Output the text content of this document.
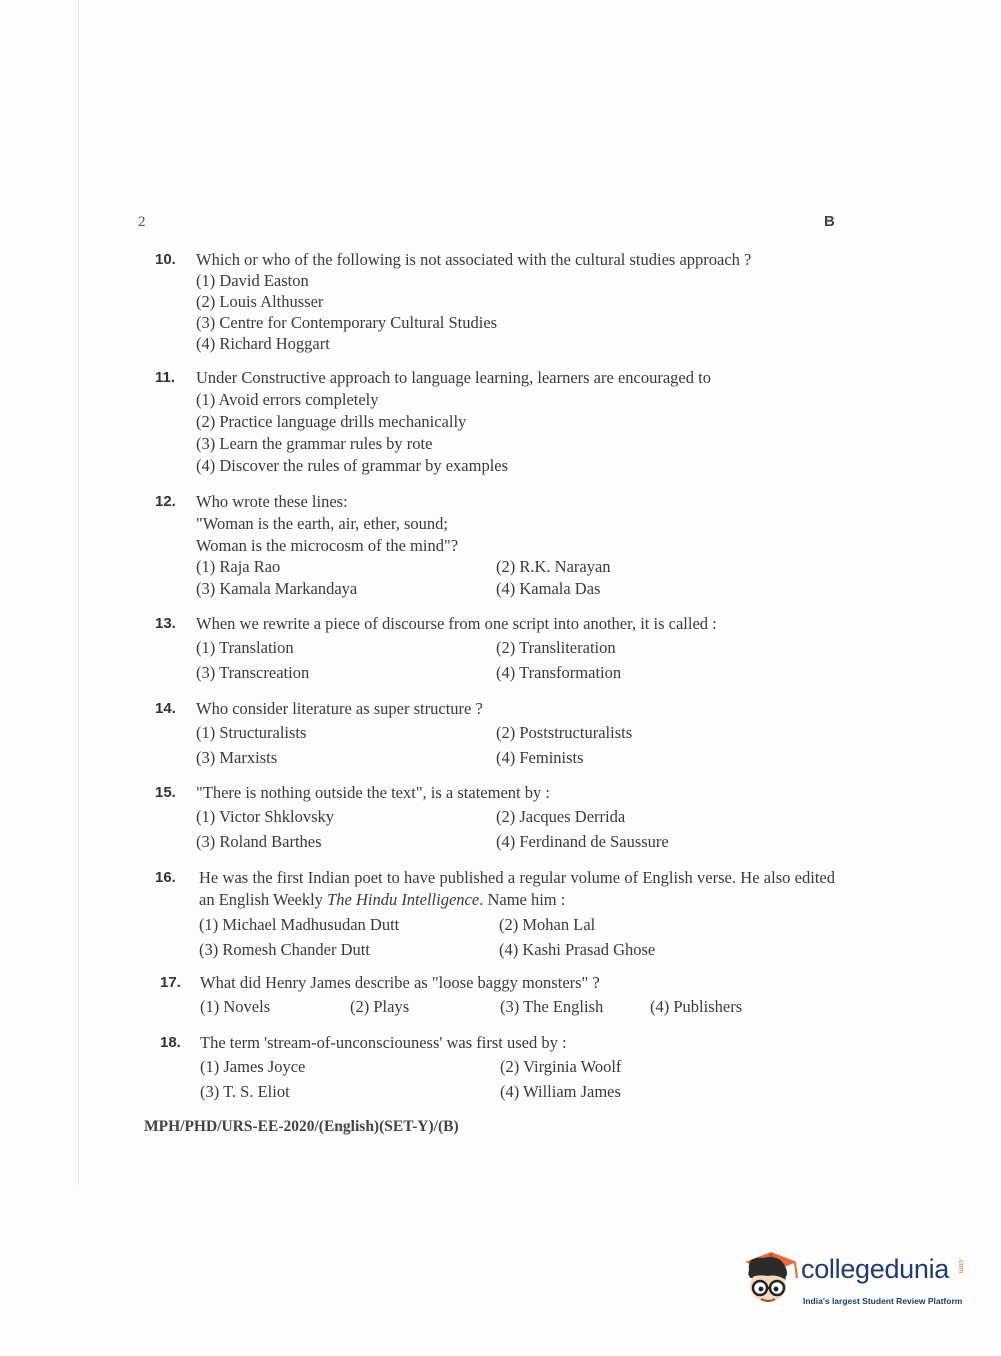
2	B
10. Which or who of the following is not associated with the cultural studies approach ?

(1) David Easton

(2) Louis Althusser

(3) Centre for Contemporary Cultural Studies

(4) Richard Hoggart

11. Under Constructive approach to language learning, learners are encouraged to

(1) Avoid errors completely

(2) Practice language drills mechanically

(3) Learn the grammar rules by rote

(4) Discover the rules of grammar by examples

12. Who wrote these lines:

"Woman is the earth, air, ether, sound;

Woman is the microcosm of the mind"?

(1) Raja Rao	(2) R.K. Narayan

(3) Kamala Markandaya	(4) Kamala Das

13. When we rewrite a piece of discourse from one script into another, it is called :

(1) Translation	(2) Transliteration

(3) Transcreation	(4) Transformation

14. Who consider literature as super structure ?

(1) Structuralists	(2) Poststructuralists

(3) Marxists	(4) Feminists

15. "There is nothing outside the text", is a statement by :

(1) Victor Shklovsky	(2) Jacques Derrida

(3) Roland Barthes	(4) Ferdinand de Saussure

16. He was the first Indian poet to have published a regular volume of English verse. He also edited an English Weekly The Hindu Intelligence. Name him :

(1) Michael Madhusudan Dutt	(2) Mohan Lal

(3) Romesh Chander Dutt	(4) Kashi Prasad Ghose

17. What did Henry James describe as "loose baggy monsters" ?

(1) Novels	(2) Plays	(3) The English	(4) Publishers

18. The term 'stream-of-unconsciouness' was first used by :

(1) James Joyce	(2) Virginia Woolf

(3) T. S. Eliot	(4) William James

MPH/PHD/URS-EE-2020/(English)(SET-Y)/(B)
collegedunia .com
India's largest Student Review Platform
